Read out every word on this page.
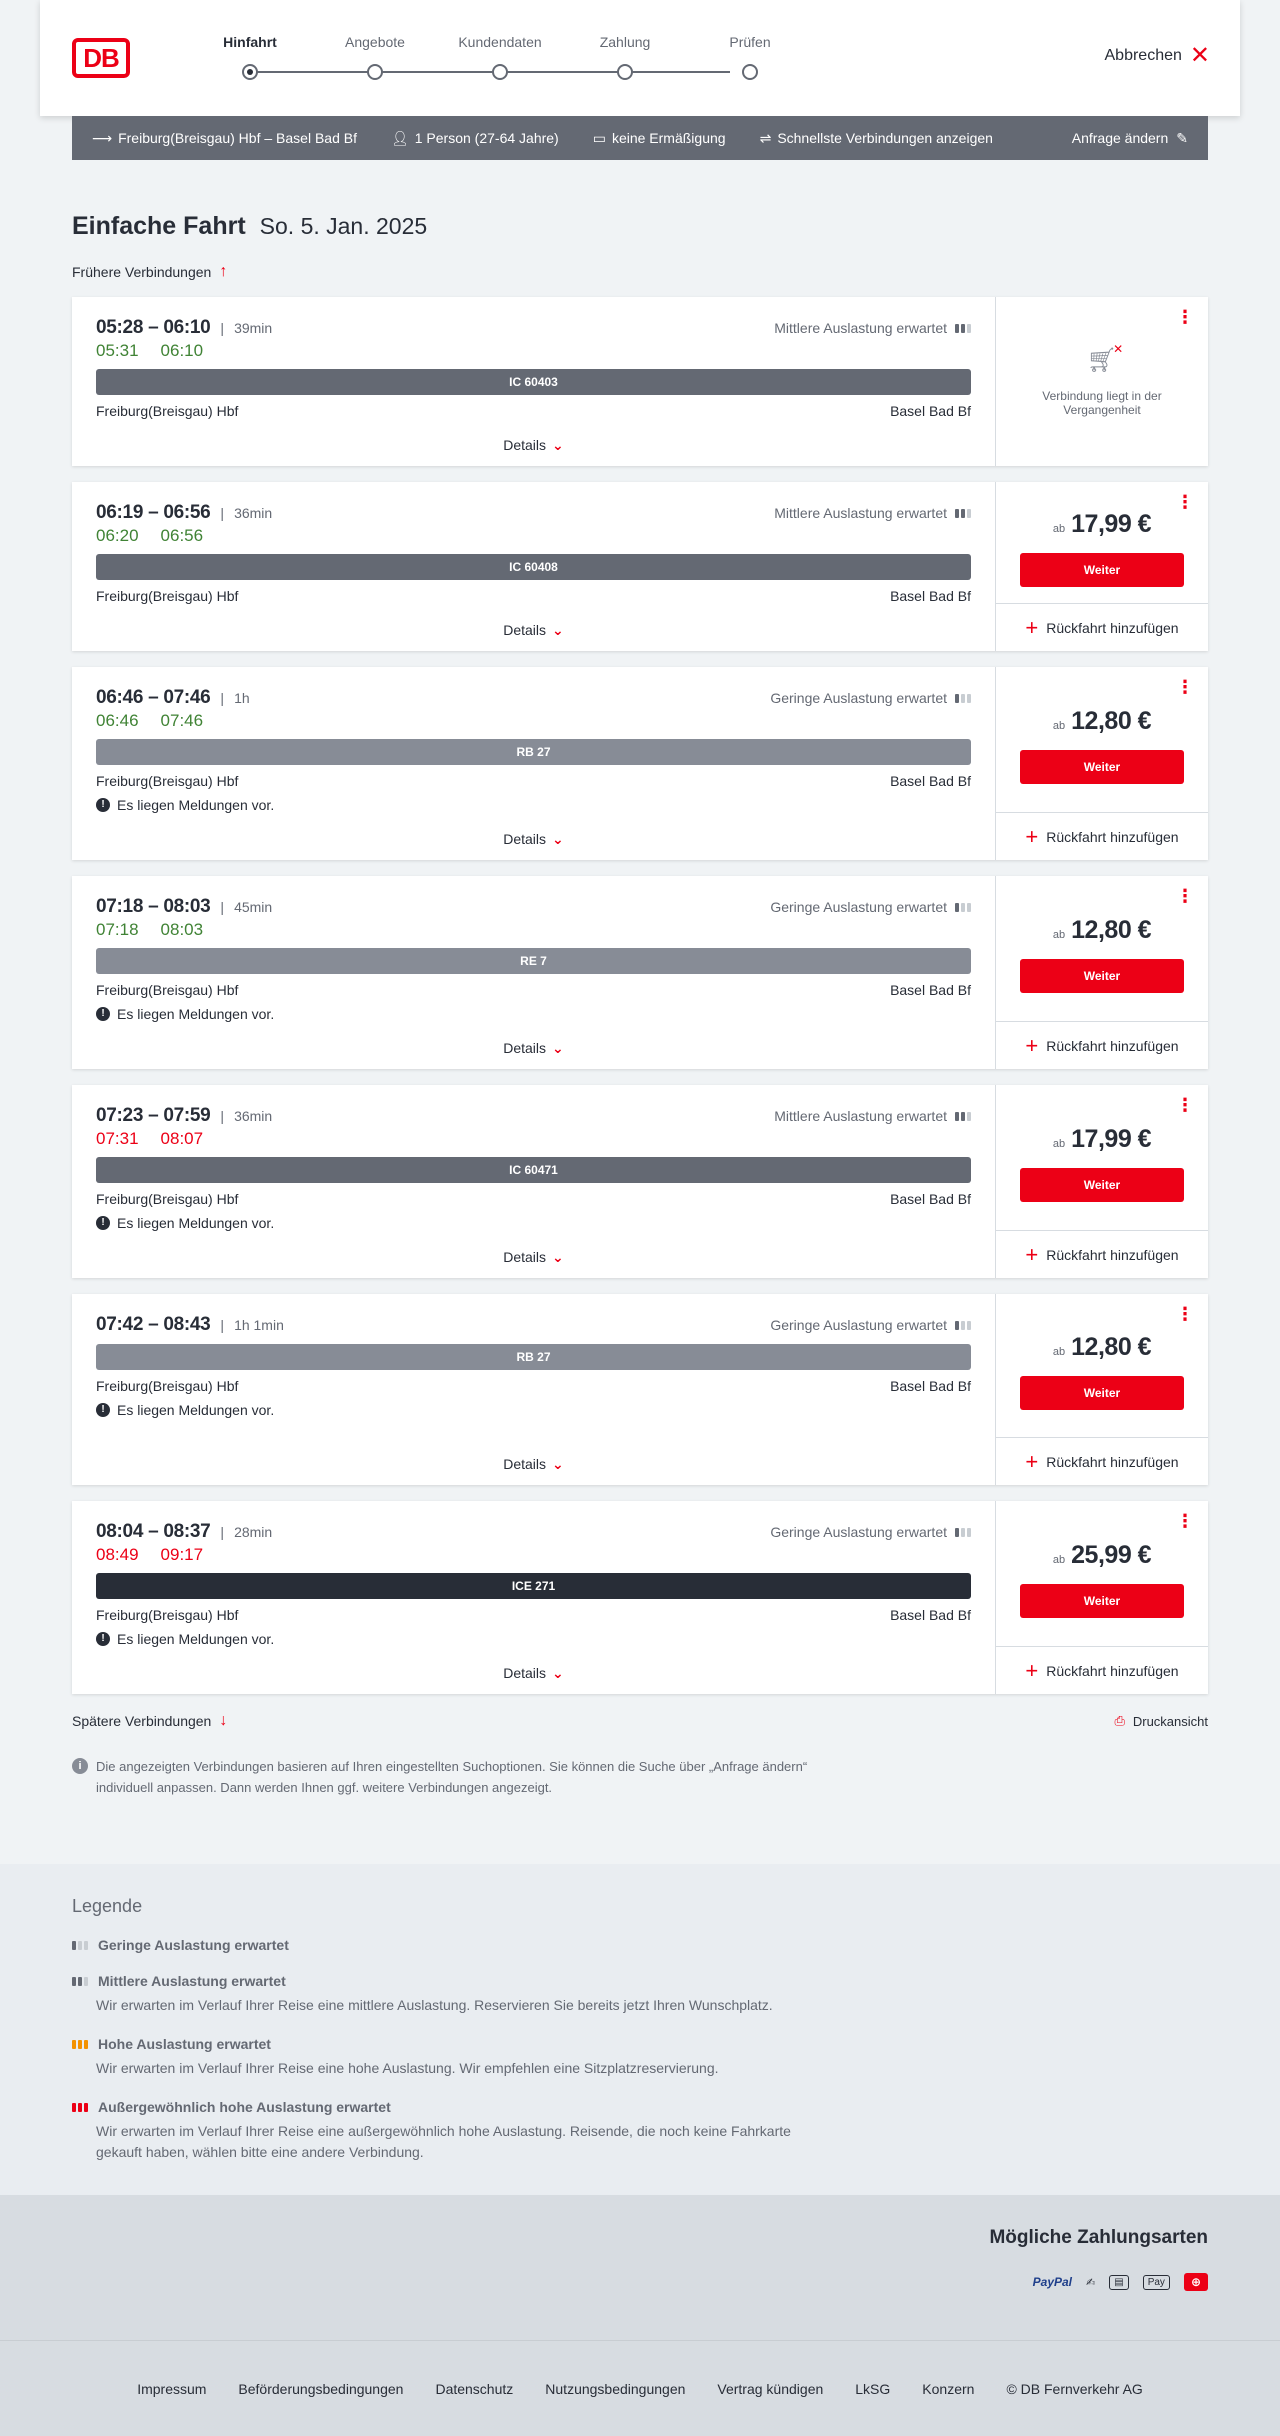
DB
Hinfahrt	Angebote	Kundendaten	Zahlung	Prüfen
Abbrechen ✕
⟶ Freiburg(Breisgau) Hbf – Basel Bad Bf 👤︎ 1 Person (27-64 Jahre) ▭ keine Ermäßigung ⇌ Schnellste Verbindungen anzeigen	Anfrage ändern ✎
Einfache Fahrt So. 5. Jan. 2025
Frühere Verbindungen ↑
05:28 – 06:10 | 39min	Mittlere Auslastung erwartet
05:31 06:10
IC 60403
Freiburg(Breisgau) Hbf	Basel Bad Bf
Details ⌄
⋮
🛒︎
✕
Verbindung liegt in der Vergangenheit
06:19 – 06:56 | 36min	Mittlere Auslastung erwartet
06:20 06:56
IC 60408
Freiburg(Breisgau) Hbf	Basel Bad Bf
Details ⌄
⋮
ab 17,99 €
Weiter
+ Rückfahrt hinzufügen
06:46 – 07:46 | 1h	Geringe Auslastung erwartet
06:46 07:46
RB 27
Freiburg(Breisgau) Hbf	Basel Bad Bf
! Es liegen Meldungen vor.
Details ⌄
⋮
ab 12,80 €
Weiter
+ Rückfahrt hinzufügen
07:18 – 08:03 | 45min	Geringe Auslastung erwartet
07:18 08:03
RE 7
Freiburg(Breisgau) Hbf	Basel Bad Bf
! Es liegen Meldungen vor.
Details ⌄
⋮
ab 12,80 €
Weiter
+ Rückfahrt hinzufügen
07:23 – 07:59 | 36min	Mittlere Auslastung erwartet
07:31 08:07
IC 60471
Freiburg(Breisgau) Hbf	Basel Bad Bf
! Es liegen Meldungen vor.
Details ⌄
⋮
ab 17,99 €
Weiter
+ Rückfahrt hinzufügen
07:42 – 08:43 | 1h 1min	Geringe Auslastung erwartet
RB 27
Freiburg(Breisgau) Hbf	Basel Bad Bf
! Es liegen Meldungen vor.
Details ⌄
⋮
ab 12,80 €
Weiter
+ Rückfahrt hinzufügen
08:04 – 08:37 | 28min	Geringe Auslastung erwartet
08:49 09:17
ICE 271
Freiburg(Breisgau) Hbf	Basel Bad Bf
! Es liegen Meldungen vor.
Details ⌄
⋮
ab 25,99 €
Weiter
+ Rückfahrt hinzufügen
Spätere Verbindungen ↓	⎙ Druckansicht
i	Die angezeigten Verbindungen basieren auf Ihren eingestellten Suchoptionen. Sie können die Suche über „Anfrage ändern“ individuell anpassen. Dann werden Ihnen ggf. weitere Verbindungen angezeigt.
Legende
Geringe Auslastung erwartet
Mittlere Auslastung erwartet
Wir erwarten im Verlauf Ihrer Reise eine mittlere Auslastung. Reservieren Sie bereits jetzt Ihren Wunschplatz.
Hohe Auslastung erwartet
Wir erwarten im Verlauf Ihrer Reise eine hohe Auslastung. Wir empfehlen eine Sitzplatzreservierung.
Außergewöhnlich hohe Auslastung erwartet
Wir erwarten im Verlauf Ihrer Reise eine außergewöhnlich hohe Auslastung. Reisende, die noch keine Fahrkarte gekauft haben, wählen bitte eine andere Verbindung.
Mögliche Zahlungsarten
PayPal ✍	▤	Pay	⊕
Impressum Beförderungsbedingungen Datenschutz Nutzungsbedingungen Vertrag kündigen LkSG Konzern © DB Fernverkehr AG
